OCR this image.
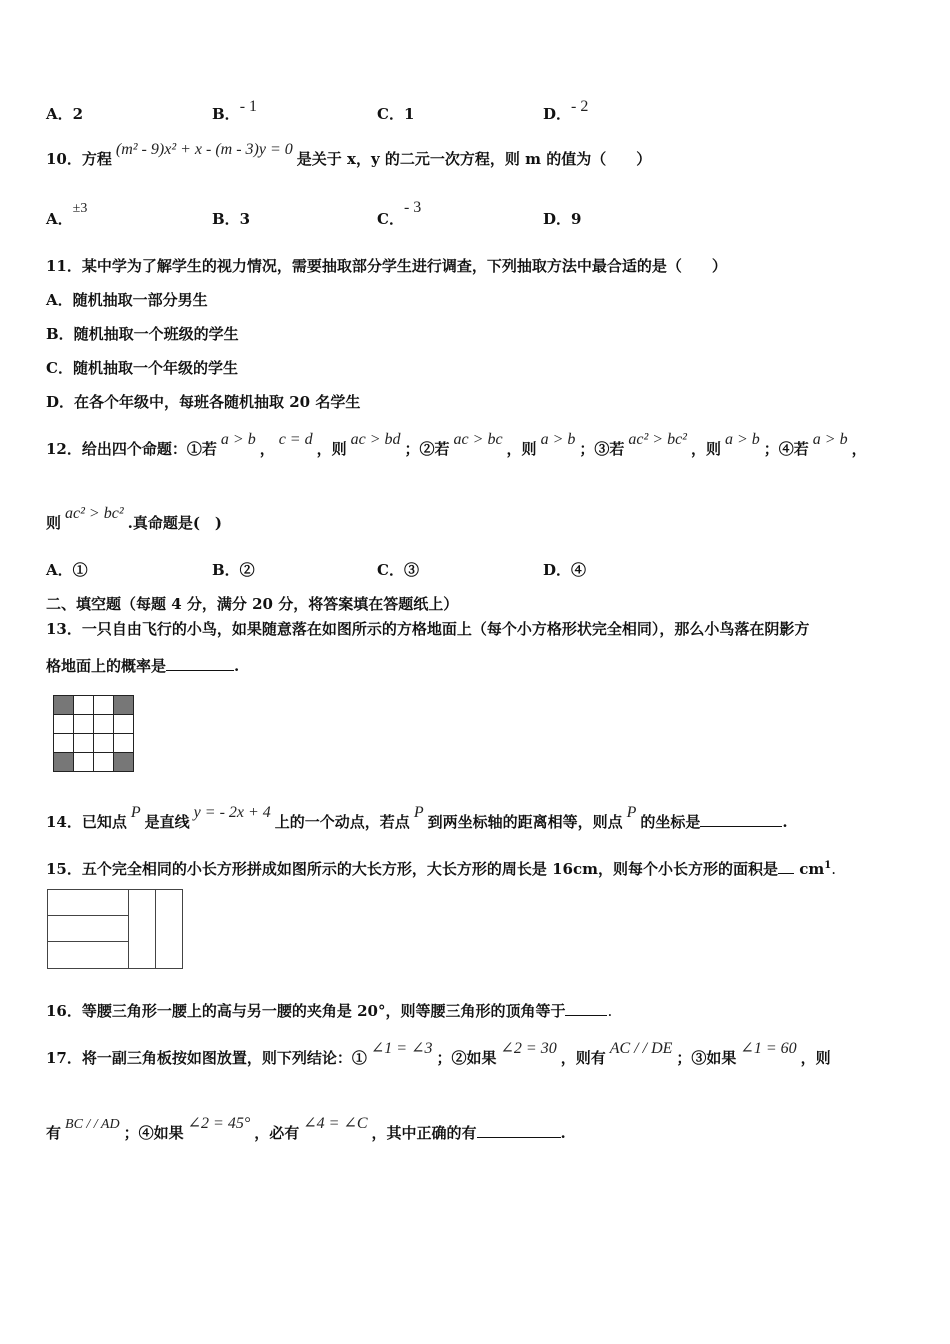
A．2	B．- 1	C．1	D．- 2
10．方程(m² - 9)x² + x - (m - 3)y = 0是关于 x，y 的二元一次方程，则 m 的值为（　　）
A．±3
B．3	C．- 3
D．9
11．某中学为了解学生的视力情况，需要抽取部分学生进行调查，下列抽取方法中最合适的是（　　）
A．随机抽取一部分男生
B．随机抽取一个班级的学生
C．随机抽取一个年级的学生
D．在各个年级中，每班各随机抽取 20 名学生
12．给出四个命题：①若a > b，c = d，则ac > bd；②若ac > bc，则a > b；③若ac² > bc²，则a > b；④若a > b，
则ac² > bc².真命题是(　)
A．①	B．②	C．③	D．④
二、填空题（每题 4 分，满分 20 分，将答案填在答题纸上）
13．一只自由飞行的小鸟，如果随意落在如图所示的方格地面上（每个小方格形状完全相同），那么小鸟落在阴影方
格地面上的概率是	.

14．已知点P是直线y = - 2x + 4上的一个动点，若点P到两坐标轴的距离相等，则点P的坐标是	.
15．五个完全相同的小长方形拼成如图所示的大长方形，大长方形的周长是 16cm，则每个小长方形的面积是 $cm^1$.
16．等腰三角形一腰上的高与另一腰的夹角是 20°，则等腰三角形的顶角等于	.
17．将一副三角板按如图放置，则下列结论：①∠1 = ∠3；②如果∠2 = 30，则有AC / / DE；③如果∠1 = 60，则
有 BC / / AD ；④如果∠2 = 45°，必有∠4 = ∠C，其中正确的有	.
